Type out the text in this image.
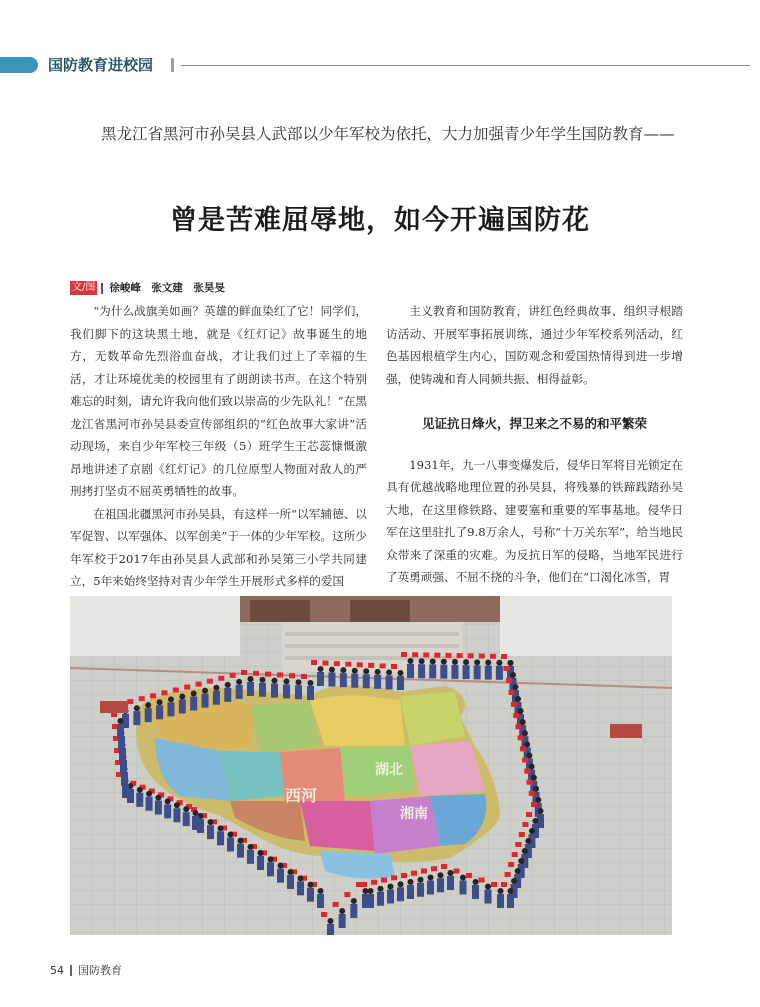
国防教育进校园
黑龙江省黑河市孙吴县人武部以少年军校为依托，大力加强青少年学生国防教育——
曾是苦难屈辱地，如今开遍国防花
文/图 徐峻峰　张文建　张昊旻

“为什么战旗美如画？英雄的鲜血染红了它！同学们，我们脚下的这块黑土地，就是《红灯记》故事诞生的地方，无数革命先烈浴血奋战，才让我们过上了幸福的生活，才让环境优美的校园里有了朗朗读书声。在这个特别难忘的时刻，请允许我向他们致以崇高的少先队礼！”在黑龙江省黑河市孙吴县委宣传部组织的“红色故事大家讲”活动现场，来自少年军校三年级（5）班学生王芯蕊慷慨激昂地讲述了京剧《红灯记》的几位原型人物面对敌人的严刑拷打坚贞不屈英勇牺牲的故事。

在祖国北疆黑河市孙吴县，有这样一所“以军辅德、以军促智、以军强体、以军创美”于一体的少年军校。这所少年军校于2017年由孙吴县人武部和孙吴第三小学共同建立，5年来始终坚持对青少年学生开展形式多样的爱国

主义教育和国防教育，讲红色经典故事、组织寻根踏访活动、开展军事拓展训练，通过少年军校系列活动，红色基因根植学生内心，国防观念和爱国热情得到进一步增强，使铸魂和育人同频共振、相得益彰。

见证抗日烽火，捍卫来之不易的和平繁荣

1931年，九一八事变爆发后，侵华日军将目光锁定在具有优越战略地理位置的孙吴县，将残暴的铁蹄践踏孙吴大地，在这里修铁路、建要塞和重要的军事基地。侵华日军在这里驻扎了9.8万余人，号称“十万关东军”，给当地民众带来了深重的灾难。为反抗日军的侵略，当地军民进行了英勇顽强、不屈不挠的斗争，他们在“口渴化冰雪，胃

西河
湖北
湘南
54 国防教育
